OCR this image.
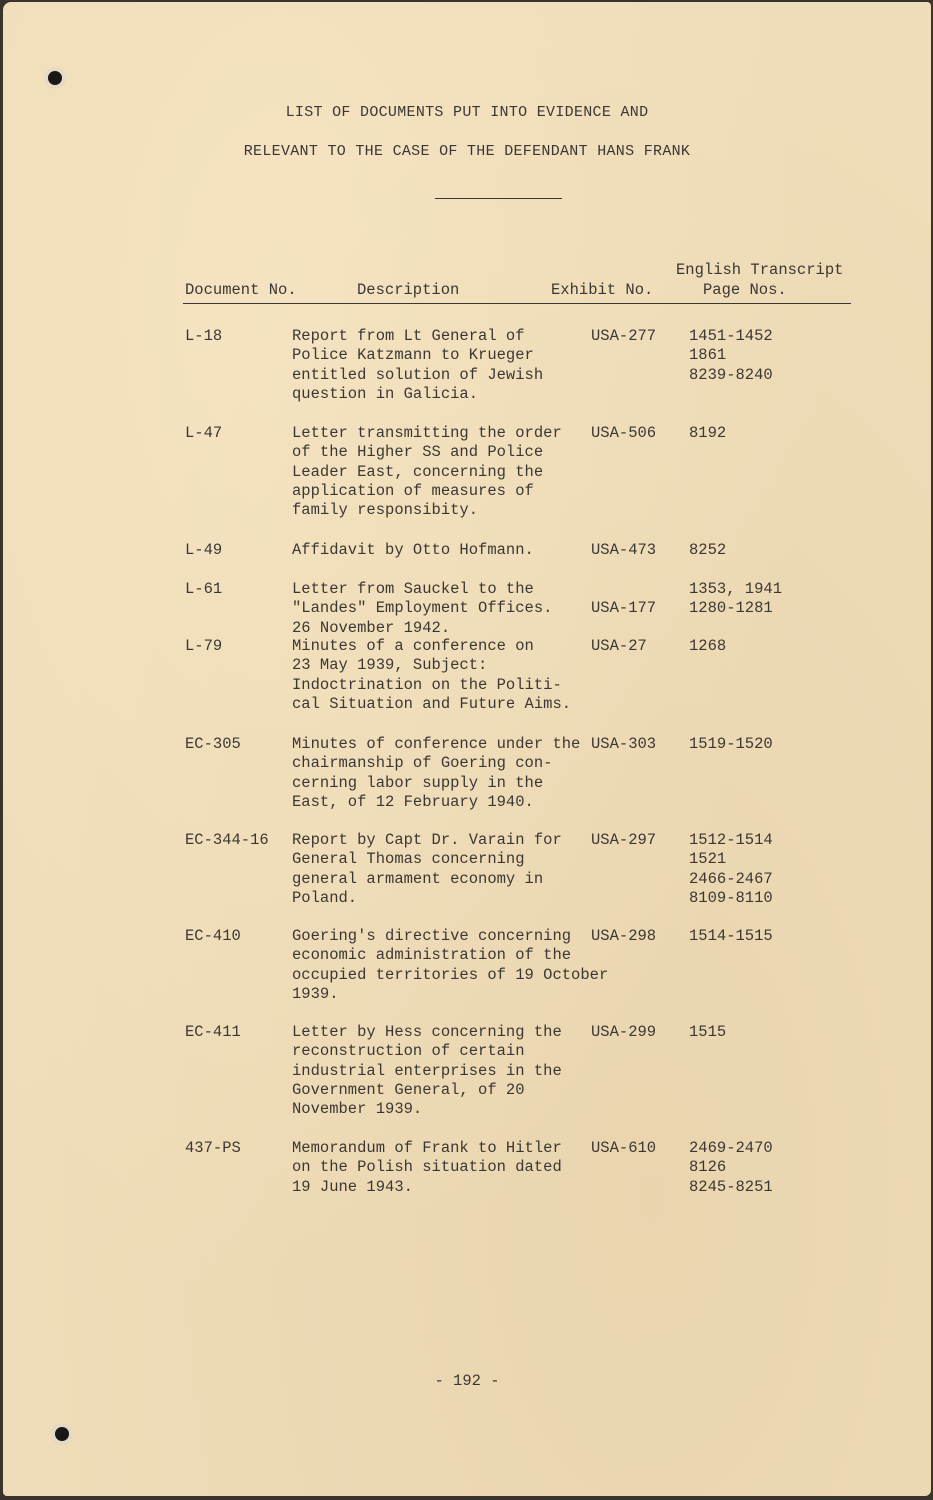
LIST OF DOCUMENTS PUT INTO EVIDENCE AND
RELEVANT TO THE CASE OF THE DEFENDANT HANS FRANK
Document No.	Description	Exhibit No.
English Transcript
Page Nos.
L-18	Report from Lt General of
Police Katzmann to Krueger
entitled solution of Jewish
question in Galicia.
USA-277 1451-1452
1861
8239-8240
L-47	Letter transmitting the order
of the Higher SS and Police
Leader East, concerning the
application of measures of
family responsibity.
USA-506 8192
L-49	Affidavit by Otto Hofmann.	USA-473 8252
L-61	Letter from Sauckel to the
"Landes" Employment Offices.
26 November 1942.
USA-177
1353, 1941
1280-1281
L-79	Minutes of a conference on
23 May 1939, Subject:
Indoctrination on the Politi-
cal Situation and Future Aims.
USA-27	1268
EC-305	Minutes of conference under the
chairmanship of Goering con-
cerning labor supply in the
East, of 12 February 1940.
USA-303 1519-1520
EC-344-16 Report by Capt Dr. Varain for
General Thomas concerning
general armament economy in
Poland.
USA-297 1512-1514
1521
2466-2467
8109-8110
EC-410	Goering's directive concerning
economic administration of the
occupied territories of 19 October
1939.
USA-298 1514-1515
EC-411	Letter by Hess concerning the
reconstruction of certain
industrial enterprises in the
Government General, of 20
November 1939.
USA-299 1515
437-PS	Memorandum of Frank to Hitler
on the Polish situation dated
19 June 1943.
USA-610 2469-2470
8126
8245-8251
- 192 -
